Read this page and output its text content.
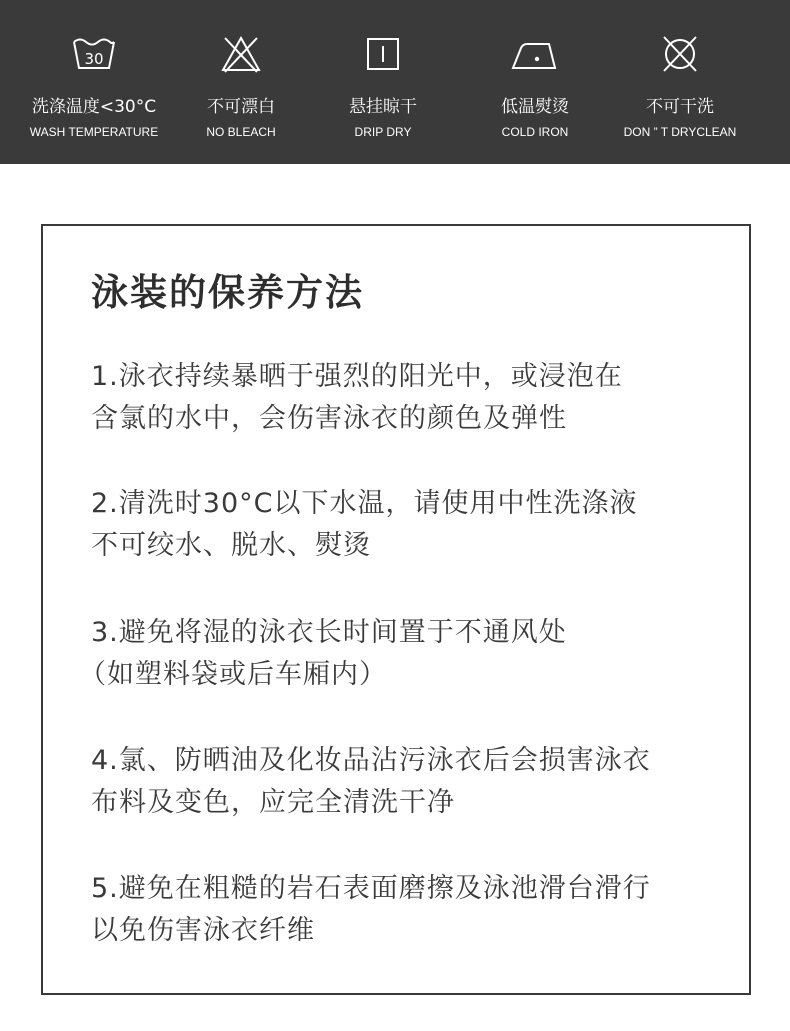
30
洗涤温度<30°C
WASH TEMPERATURE
不可漂白
NO BLEACH
悬挂晾干
DRIP DRY
低温熨烫
COLD IRON
不可干洗
DON ” T DRYCLEAN
泳装的保养方法
1.泳衣持续暴晒于强烈的阳光中，或浸泡在
含氯的水中，会伤害泳衣的颜色及弹性
2.清洗时30°C以下水温，请使用中性洗涤液
不可绞水、脱水、熨烫
3.避免将湿的泳衣长时间置于不通风处
（如塑料袋或后车厢内）
4.氯、防晒油及化妆品沾污泳衣后会损害泳衣
布料及变色，应完全清洗干净
5.避免在粗糙的岩石表面磨擦及泳池滑台滑行
以免伤害泳衣纤维
